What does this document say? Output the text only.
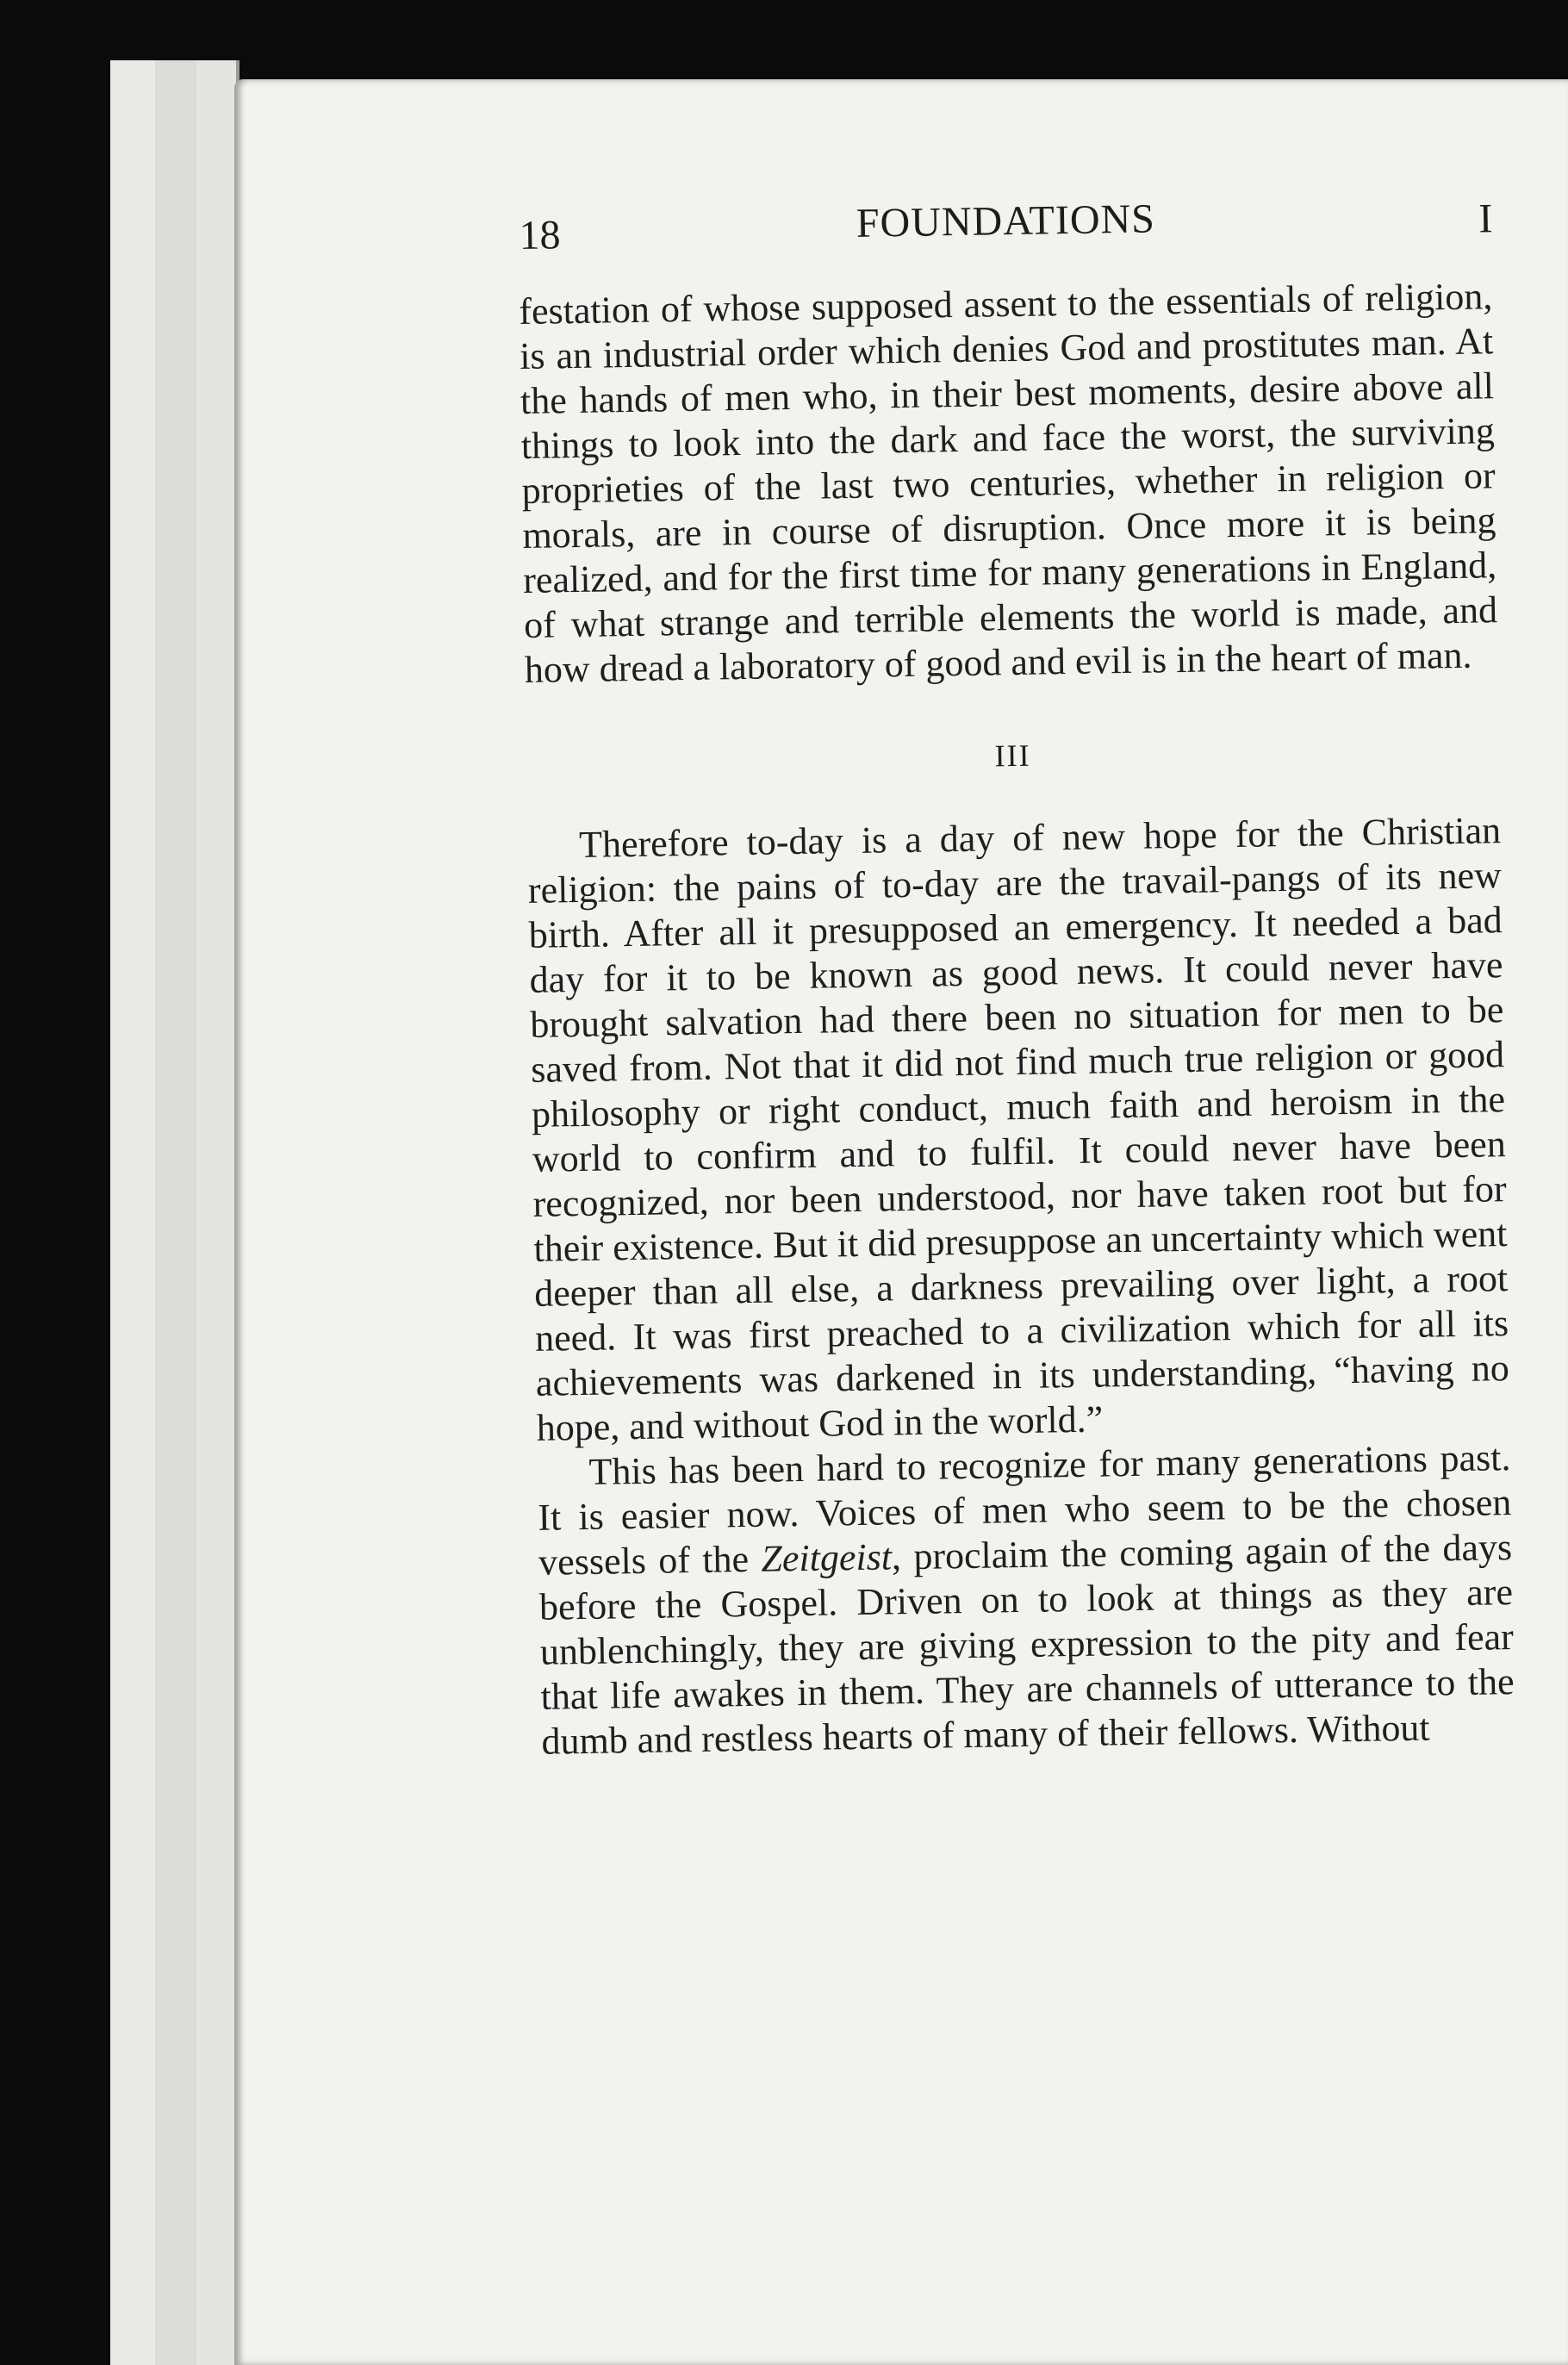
18	FOUNDATIONS	I

festation of whose supposed assent to the essentials of religion, is an industrial order which denies God and prostitutes man. At the hands of men who, in their best moments, desire above all things to look into the dark and face the worst, the surviving proprieties of the last two centuries, whether in religion or morals, are in course of disruption. Once more it is being realized, and for the first time for many generations in England, of what strange and terrible elements the world is made, and how dread a laboratory of good and evil is in the heart of man.

III

Therefore to-day is a day of new hope for the Christian religion: the pains of to-day are the travail-pangs of its new birth. After all it presupposed an emergency. It needed a bad day for it to be known as good news. It could never have brought salvation had there been no situation for men to be saved from. Not that it did not find much true religion or good philosophy or right conduct, much faith and heroism in the world to confirm and to fulfil. It could never have been recognized, nor been understood, nor have taken root but for their existence. But it did presuppose an uncertainty which went deeper than all else, a darkness prevailing over light, a root need. It was first preached to a civilization which for all its achievements was darkened in its understanding, “having no hope, and without God in the world.”

This has been hard to recognize for many generations past. It is easier now. Voices of men who seem to be the chosen vessels of the Zeitgeist, proclaim the coming again of the days before the Gospel. Driven on to look at things as they are unblenchingly, they are giving expression to the pity and fear that life awakes in them. They are channels of utterance to the dumb and restless hearts of many of their fellows. Without
